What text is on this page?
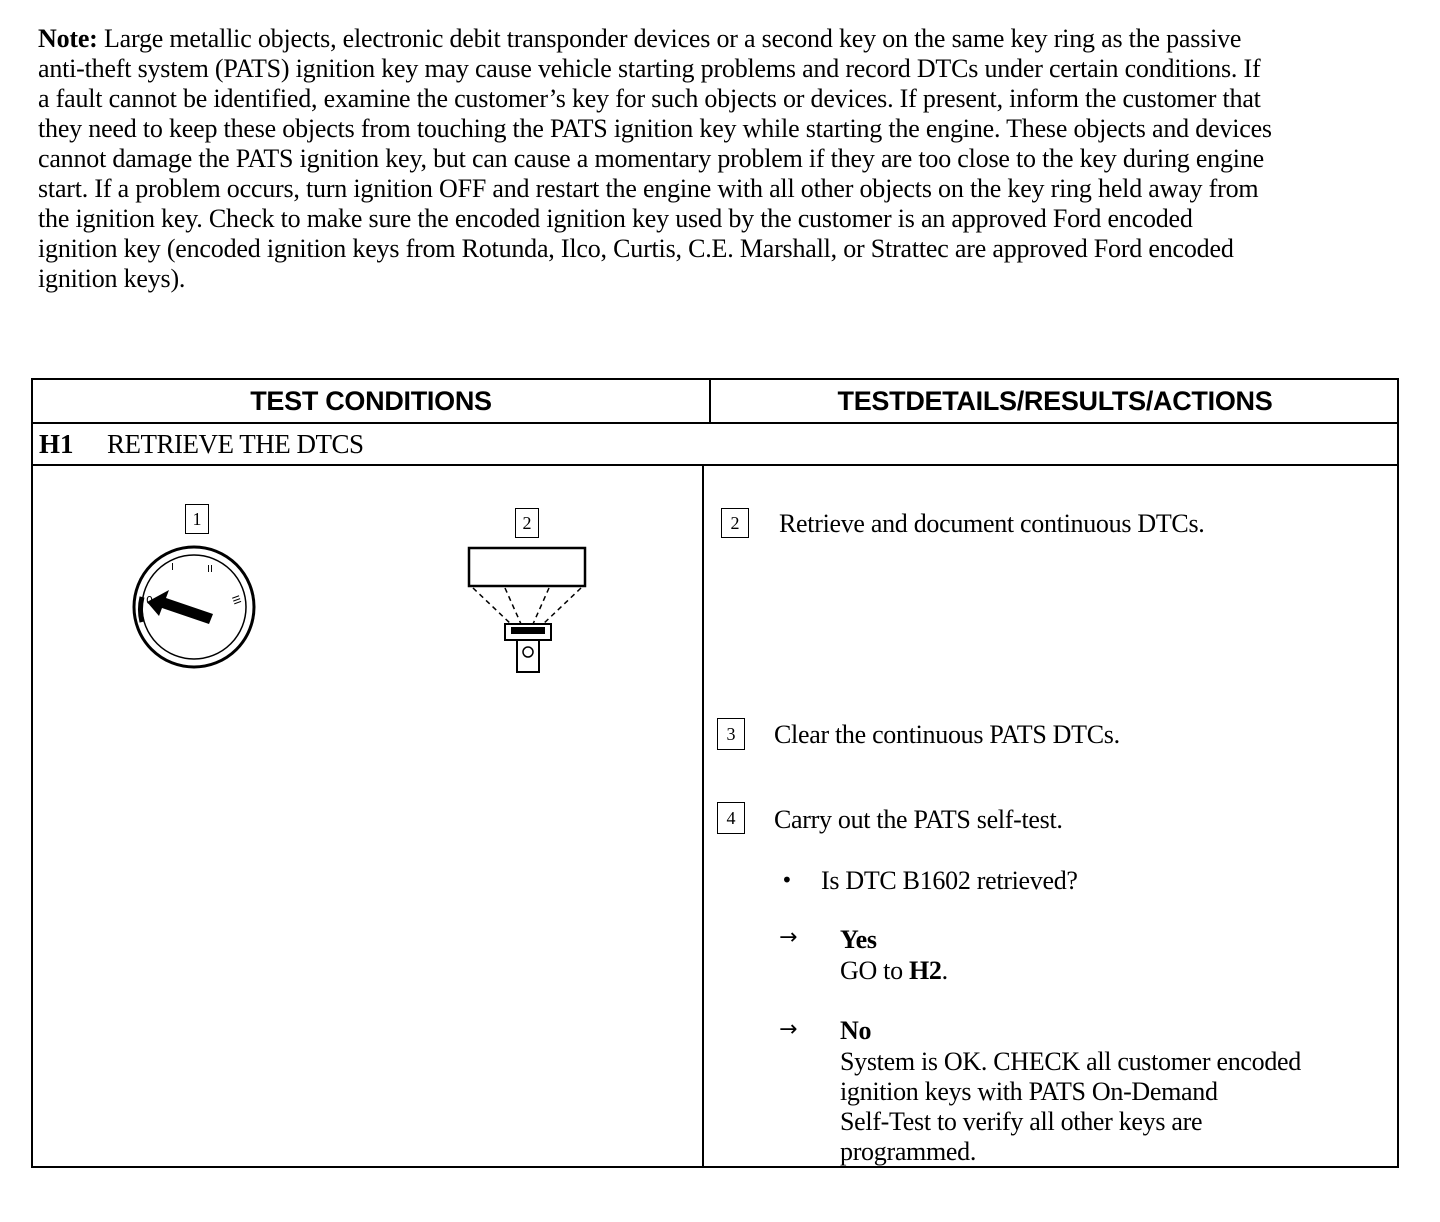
Note: Large metallic objects, electronic debit transponder devices or a second key on the same key ring as the passive anti-theft system (PATS) ignition key may cause vehicle starting problems and record DTCs under certain conditions. If a fault cannot be identified, examine the customer’s key for such objects or devices. If present, inform the customer that they need to keep these objects from touching the PATS ignition key while starting the engine. These objects and devices cannot damage the PATS ignition key, but can cause a momentary problem if they are too close to the key during engine start. If a problem occurs, turn ignition OFF and restart the engine with all other objects on the key ring held away from the ignition key. Check to make sure the encoded ignition key used by the customer is an approved Ford encoded ignition key (encoded ignition keys from Rotunda, Ilco, Curtis, C.E. Marshall, or Strattec are approved Ford encoded ignition keys).
TEST CONDITIONS	TESTDETAILS/RESULTS/ACTIONS
H1	RETRIEVE THE DTCS
1
0
I	II
III
2	2	Retrieve and document continuous DTCs.
3	Clear the continuous PATS DTCs.
4	Carry out the PATS self-test.
• Is DTC B1602 retrieved?
→ Yes
GO to H2.
→ No
System is OK. CHECK all customer encoded
ignition keys with PATS On-Demand
Self-Test to verify all other keys are
programmed.
